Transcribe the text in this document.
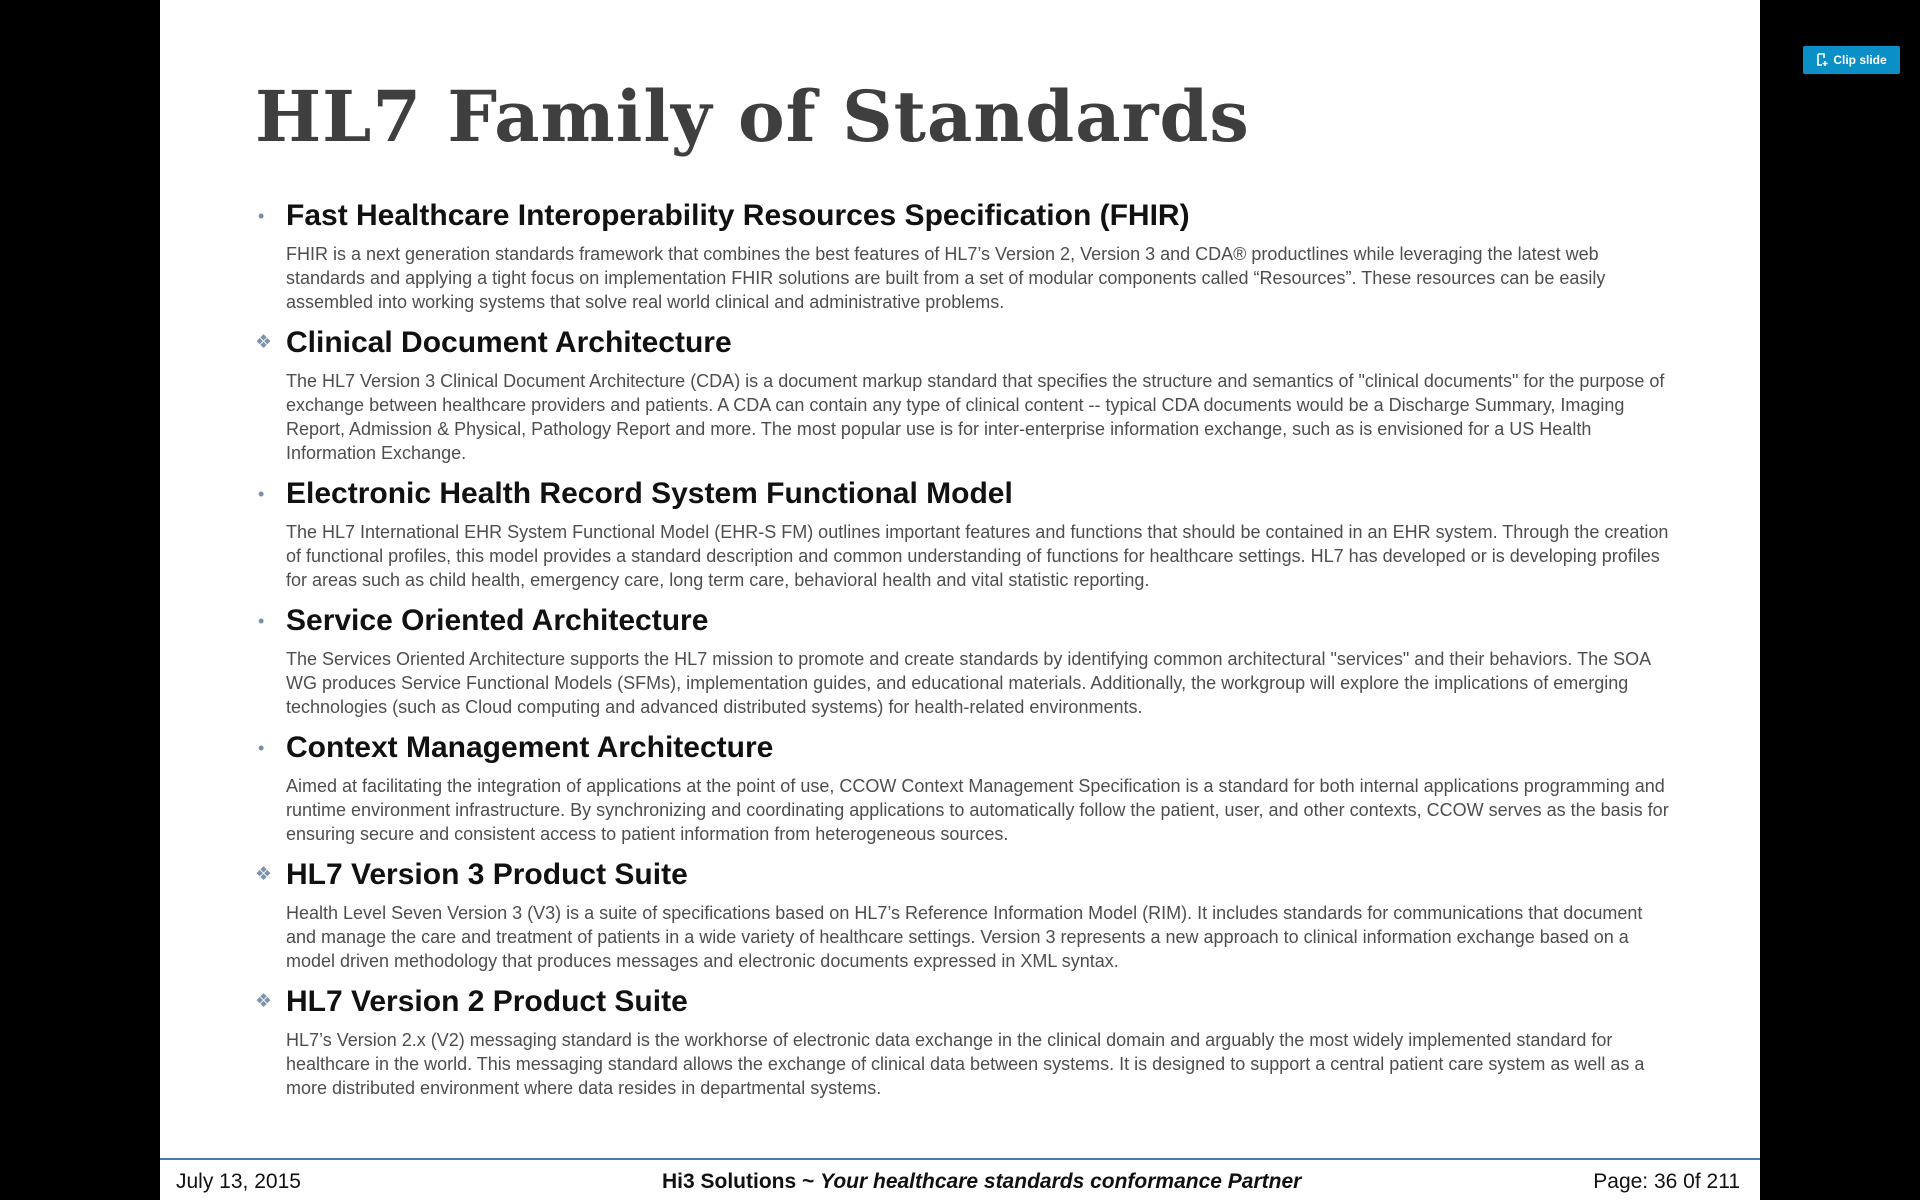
HL7 Family of Standards
• Fast Healthcare Interoperability Resources Specification (FHIR)
FHIR is a next generation standards framework that combines the best features of HL7’s Version 2, Version 3 and CDA® productlines while leveraging the latest web standards and applying a tight focus on implementation FHIR solutions are built from a set of modular components called “Resources”. These resources can be easily assembled into working systems that solve real world clinical and administrative problems.
❖ Clinical Document Architecture
The HL7 Version 3 Clinical Document Architecture (CDA) is a document markup standard that specifies the structure and semantics of "clinical documents" for the purpose of exchange between healthcare providers and patients. A CDA can contain any type of clinical content -- typical CDA documents would be a Discharge Summary, Imaging Report, Admission & Physical, Pathology Report and more. The most popular use is for inter-enterprise information exchange, such as is envisioned for a US Health Information Exchange.
• Electronic Health Record System Functional Model
The HL7 International EHR System Functional Model (EHR-S FM) outlines important features and functions that should be contained in an EHR system. Through the creation of functional profiles, this model provides a standard description and common understanding of functions for healthcare settings. HL7 has developed or is developing profiles for areas such as child health, emergency care, long term care, behavioral health and vital statistic reporting.
• Service Oriented Architecture
The Services Oriented Architecture supports the HL7 mission to promote and create standards by identifying common architectural "services" and their behaviors. The SOA WG produces Service Functional Models (SFMs), implementation guides, and educational materials. Additionally, the workgroup will explore the implications of emerging technologies (such as Cloud computing and advanced distributed systems) for health-related environments.
• Context Management Architecture
Aimed at facilitating the integration of applications at the point of use, CCOW Context Management Specification is a standard for both internal applications programming and runtime environment infrastructure. By synchronizing and coordinating applications to automatically follow the patient, user, and other contexts, CCOW serves as the basis for ensuring secure and consistent access to patient information from heterogeneous sources.
❖ HL7 Version 3 Product Suite
Health Level Seven Version 3 (V3) is a suite of specifications based on HL7’s Reference Information Model (RIM). It includes standards for communications that document and manage the care and treatment of patients in a wide variety of healthcare settings. Version 3 represents a new approach to clinical information exchange based on a model driven methodology that produces messages and electronic documents expressed in XML syntax.
❖ HL7 Version 2 Product Suite
HL7’s Version 2.x (V2) messaging standard is the workhorse of electronic data exchange in the clinical domain and arguably the most widely implemented standard for healthcare in the world. This messaging standard allows the exchange of clinical data between systems. It is designed to support a central patient care system as well as a more distributed environment where data resides in departmental systems.
July 13, 2015	Hi3 Solutions ~ Your healthcare standards conformance Partner	Page: 36 0f 211
Clip slide
